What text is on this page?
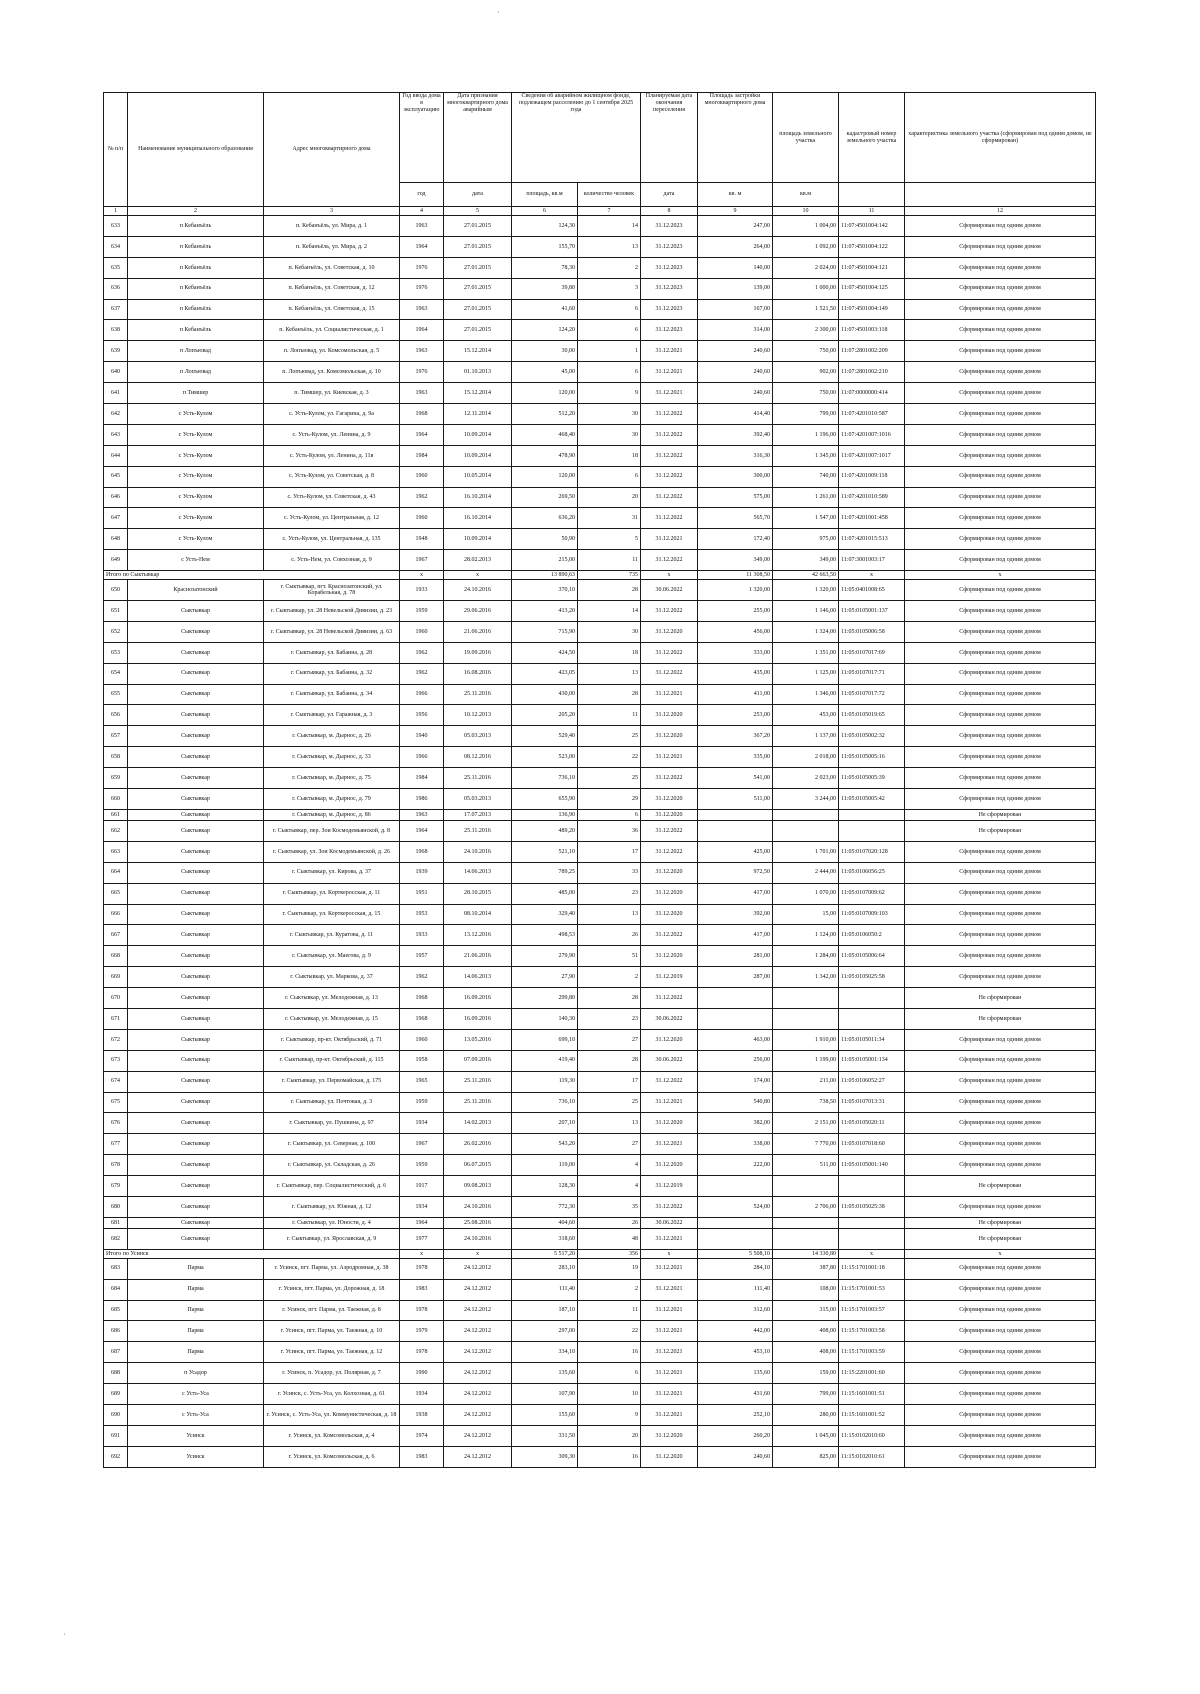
№ п/п	Наименование муниципального образования	Адрес многоквартирного дома	Год ввода дома в эксплуатацию	Дата признания многоквартирного дома аварийным	Сведения об аварийном жилищном фонде, подлежащем расселению до 1 сентября 2025 года		Планируемая дата окончания переселения	Площадь застройки многоквартирного дома	площадь земельного участка	кадастровый номер земельного участка	характеристика земельного участка (сформирован под одним домом, не сформирован)
			год	дата	площадь, кв.м	количество человек	дата	кв. м	кв.м		
1	2	3	4	5	6	7	8	9	10	11	12
633	п Кебанъёль	п. Кебанъёль, ул. Мира, д. 1	1963	27.01.2015	124,30	14	31.12.2023	247,00	1 004,00	11:07:4501004:142	Сформирован под одним домом
634	п Кебанъёль	п. Кебанъёль, ул. Мира, д. 2	1964	27.01.2015	155,70	13	31.12.2023	264,00	1 092,00	11:07:4501004:122	Сформирован под одним домом
635	п Кебанъёль	п. Кебанъёль, ул. Советская, д. 10	1976	27.01.2015	78,30	2	31.12.2023	140,00	2 024,00	11:07:4501004:121	Сформирован под одним домом
636	п Кебанъёль	п. Кебанъёль, ул. Советская, д. 12	1976	27.01.2015	39,80	3	31.12.2023	139,00	1 000,00	11:07:4501004:125	Сформирован под одним домом
637	п Кебанъёль	п. Кебанъёль, ул. Советская, д. 15	1963	27.01.2015	41,60	6	31.12.2023	167,00	1 521,50	11:07:4501004:149	Сформирован под одним домом
638	п Кебанъёль	п. Кебанъёль, ул. Социалистическая, д. 1	1964	27.01.2015	124,20	6	31.12.2023	314,00	2 300,00	11:07:4501003:118	Сформирован под одним домом
639	п Лопъювад	п. Лопъювад, ул. Комсомольская, д. 5	1963	15.12.2014	30,00	1	31.12.2021	240,60	750,00	11:07:2801002:209	Сформирован под одним домом
640	п Лопъювад	п. Лопъювад, ул. Комсомольская, д. 10	1976	01.10.2013	45,00	6	31.12.2021	240,60	902,00	11:07:2801002:210	Сформирован под одним домом
641	п Тимшер	п. Тимшер, ул. Киевская, д. 3	1963	15.12.2014	120,00	9	31.12.2021	240,60	750,00	11:07:0000000:414	Сформирован под одним домом
642	с Усть-Кулом	с. Усть-Кулом, ул. Гагарина, д. 9а	1968	12.11.2014	512,20	30	31.12.2022	414,40	799,00	11:07:4201010:587	Сформирован под одним домом
643	с Усть-Кулом	с. Усть-Кулом, ул. Ленина, д. 9	1964	10.09.2014	468,40	30	31.12.2022	392,40	1 196,00	11:07:4201007:1016	Сформирован под одним домом
644	с Усть-Кулом	с. Усть-Кулом, ул. Ленина, д. 11в	1984	10.09.2014	478,90	18	31.12.2022	316,30	1 345,00	11:07:4201007:1017	Сформирован под одним домом
645	с Усть-Кулом	с. Усть-Кулом, ул. Советская, д. 8	1960	10.05.2014	120,00	6	31.12.2022	300,00	740,00	11:07:4201009:118	Сформирован под одним домом
646	с Усть-Кулом	с. Усть-Кулом, ул. Советская, д. 43	1962	16.10.2014	269,50	20	31.12.2022	575,00	1 261,00	11:07:4201010:589	Сформирован под одним домом
647	с Усть-Кулом	с. Усть-Кулом, ул. Центральная, д. 12	1960	16.10.2014	636,20	31	31.12.2022	565,70	1 547,00	11:07:4201001:458	Сформирован под одним домом
648	с Усть-Кулом	с. Усть-Кулом, ул. Центральная, д. 135	1948	10.09.2014	50,90	5	31.12.2021	172,40	975,00	11:07:4201015:513	Сформирован под одним домом
649	с Усть-Нем	с. Усть-Нем, ул. Совхозная, д. 9	1967	28.02.2013	215,00	11	31.12.2022	349,00	349,00	11:07:3001003:17	Сформирован под одним домом
Итого по Сыктывкар			x	x	13 890,63	735	x	11 308,50	42 663,50	x	x
650	Краснозатонский	г. Сыктывкар, пгт. Краснозатонский, ул. Корабельная, д. 78	1933	24.10.2016	370,10	28	30.06.2022	1 320,00	1 320,00	11:05:0401008:65	Сформирован под одним домом
651	Сыктывкар	г. Сыктывкар, ул. 28 Невельской Дивизии, д. 23	1959	29.06.2016	413,20	14	31.12.2022	255,00	1 146,00	11:05:0105001:137	Сформирован под одним домом
652	Сыктывкар	г. Сыктывкар, ул. 28 Невельской Дивизии, д. 63	1960	21.06.2016	715,90	30	31.12.2020	456,00	1 324,00	11:05:0105006:58	Сформирован под одним домом
653	Сыктывкар	г. Сыктывкар, ул. Бабаина, д. 28	1962	19.09.2016	424,50	18	31.12.2022	333,00	1 351,00	11:05:0107017:69	Сформирован под одним домом
654	Сыктывкар	г. Сыктывкар, ул. Бабаина, д. 32	1962	16.08.2016	423,05	13	31.12.2022	435,00	1 125,00	11:05:0107017:71	Сформирован под одним домом
655	Сыктывкар	г. Сыктывкар, ул. Бабаина, д. 34	1966	25.11.2016	430,00	28	31.12.2021	411,00	1 346,00	11:05:0107017:72	Сформирован под одним домом
656	Сыктывкар	г. Сыктывкар, ул. Гаражная, д. 3	1956	10.12.2013	205,20	11	31.12.2020	253,00	453,00	11:05:0105019:65	Сформирован под одним домом
657	Сыктывкар	г. Сыктывкар, м. Дырнос, д. 26	1940	05.03.2013	529,40	25	31.12.2020	367,20	1 137,00	11:05:0105002:32	Сформирован под одним домом
658	Сыктывкар	г. Сыктывкар, м. Дырнос, д. 33	1966	08.12.2016	523,00	22	31.12.2021	335,00	2 018,00	11:05:0105005:16	Сформирован под одним домом
659	Сыктывкар	г. Сыктывкар, м. Дырнос, д. 75	1984	25.11.2016	736,10	25	31.12.2022	541,00	2 023,00	11:05:0105005:39	Сформирован под одним домом
660	Сыктывкар	г. Сыктывкар, м. Дырнос, д. 79	1986	05.03.2013	655,90	29	31.12.2020	511,00	3 244,00	11:05:0105005:42	Сформирован под одним домом
661	Сыктывкар	г. Сыктывкар, м. Дырнос, д. 86	1963	17.07.2013	136,90	6	31.12.2020				Не сформирован
662	Сыктывкар	г. Сыктывкар, пер. Зои Космодемьянской, д. 8	1964	25.11.2016	489,20	36	31.12.2022				Не сформирован
663	Сыктывкар	г. Сыктывкар, ул. Зои Космодемьянской, д. 26	1968	24.10.2016	521,10	17	31.12.2022	425,00	1 701,00	11:05:0107020:128	Сформирован под одним домом
664	Сыктывкар	г. Сыктывкар, ул. Кирова, д. 37	1939	14.06.2013	789,25	33	31.12.2020	972,50	2 444,00	11:05:0106056:25	Сформирован под одним домом
665	Сыктывкар	г. Сыктывкар, ул. Корткеросская, д. 11	1951	28.10.2015	485,00	23	31.12.2020	417,00	1 070,00	11:05:0107009:62	Сформирован под одним домом
666	Сыктывкар	г. Сыктывкар, ул. Корткеросская, д. 15	1953	08.10.2014	329,40	13	31.12.2020	392,00	15,00	11:05:0107009:103	Сформирован под одним домом
667	Сыктывкар	г. Сыктывкар, ул. Куратова, д. 11	1933	13.12.2016	498,53	26	31.12.2022	417,00	1 124,00	11:05:0106050:2	Сформирован под одним домом
668	Сыктывкар	г. Сыктывкар, ул. Маегова, д. 9	1957	21.06.2016	279,90	51	31.12.2020	281,00	1 284,00	11:05:0105006:64	Сформирован под одним домом
669	Сыктывкар	г. Сыктывкар, ул. Маркова, д. 37	1962	14.06.2013	27,90	2	31.12.2019	287,00	1 342,00	11:05:0105025:58	Сформирован под одним домом
670	Сыктывкар	г. Сыктывкар, ул. Мелодежная, д. 13	1968	16.09.2016	299,80	28	31.12.2022				Не сформирован
671	Сыктывкар	г. Сыктывкар, ул. Мелодежная, д. 15	1968	16.09.2016	140,30	23	30.06.2022				Не сформирован
672	Сыктывкар	г. Сыктывкар, пр-кт. Октябрьский, д. 71	1960	13.05.2016	699,10	27	31.12.2020	463,00	1 910,00	11:05:0105011:34	Сформирован под одним домом
673	Сыктывкар	г. Сыктывкар, пр-кт. Октябрьский, д. 115	1958	07.09.2016	419,40	28	30.06.2022	256,00	1 199,00	11:05:0105001:134	Сформирован под одним домом
674	Сыктывкар	г. Сыктывкар, ул. Первомайская, д. 175	1965	25.11.2016	119,30	17	31.12.2022	174,00	211,00	11:05:0106052:27	Сформирован под одним домом
675	Сыктывкар	г. Сыктывкар, ул. Почтовая, д. 3	1959	25.11.2016	736,10	25	31.12.2021	540,80	738,50	11:05:0107013:31	Сформирован под одним домом
676	Сыктывкар	г. Сыктывкар, ул. Пушкина, д. 97	1934	14.02.2013	207,10	13	31.12.2020	382,00	2 151,00	11:05:0105020:11	Сформирован под одним домом
677	Сыктывкар	г. Сыктывкар, ул. Северная, д. 100	1967	26.02.2016	543,20	27	31.12.2021	338,00	7 770,00	11:05:0107018:60	Сформирован под одним домом
678	Сыктывкар	г. Сыктывкар, ул. Складская, д. 26	1959	06.07.2015	119,00	4	31.12.2020	222,00	511,00	11:05:0105001:140	Сформирован под одним домом
679	Сыктывкар	г. Сыктывкар, пер. Социалистический, д. 6	1917	09.08.2013	128,30	4	31.12.2019				Не сформирован
680	Сыктывкар	г. Сыктывкар, ул. Южная, д. 12	1934	24.10.2016	772,30	35	31.12.2022	524,00	2 706,00	11:05:0105025:38	Сформирован под одним домом
681	Сыктывкар	г. Сыктывкар, ул. Юности, д. 4	1964	25.08.2016	404,60	26	30.06.2022				Не сформирован
682	Сыктывкар	г. Сыктывкар, ул. Ярославская, д. 9	1977	24.10.2016	318,60	48	31.12.2021				Не сформирован
Итого по Усинск			x	x	5 517,20	356	x	5 508,10	14 330,80	x	x
683	Парма	г. Усинск, пгт. Парма, ул. Аэродромная, д. 38	1978	24.12.2012	283,10	19	31.12.2021	284,10	387,80	11:15:1701001:18	Сформирован под одним домом
684	Парма	г. Усинск, пгт. Парма, ул. Дорожная, д. 18	1983	24.12.2012	111,40	2	31.12.2021	111,40	108,00	11:15:1701001:53	Сформирован под одним домом
685	Парма	г. Усинск, пгт. Парма, ул. Таежная, д. 8	1978	24.12.2012	187,10	11	31.12.2021	312,60	315,00	11:15:1701003:57	Сформирован под одним домом
686	Парма	г. Усинск, пгт. Парма, ул. Таежная, д. 10	1979	24.12.2012	297,00	22	31.12.2021	442,00	408,00	11:15:1701003:58	Сформирован под одним домом
687	Парма	г. Усинск, пгт. Парма, ул. Таежная, д. 12	1978	24.12.2012	334,10	16	31.12.2021	453,10	408,00	11:15:1701003:59	Сформирован под одним домом
688	п Усадор	г. Усинск, п. Усадор, ул. Полярная, д. 7	1990	24.12.2012	135,60	6	31.12.2021	135,60	159,00	11:15:2201001:60	Сформирован под одним домом
689	с Усть-Уса	г. Усинск, с. Усть-Уса, ул. Колхозная, д. 61	1934	24.12.2012	107,90	10	31.12.2021	431,60	799,00	11:15:1601001:51	Сформирован под одним домом
690	с Усть-Уса	г. Усинск, с. Усть-Уса, ул. Коммунистическая, д. 18	1938	24.12.2012	155,60	9	31.12.2021	252,10	280,00	11:15:1601001:52	Сформирован под одним домом
691	Усинск	г. Усинск, ул. Комсомольская, д. 4	1974	24.12.2012	331,50	20	31.12.2020	260,20	1 045,00	11:15:0102010:60	Сформирован под одним домом
692	Усинск	г. Усинск, ул. Комсомольская, д. 6	1983	24.12.2012	309,30	16	31.12.2020	240,60	825,00	11:15:0102010:61	Сформирован под одним домом
·
·
